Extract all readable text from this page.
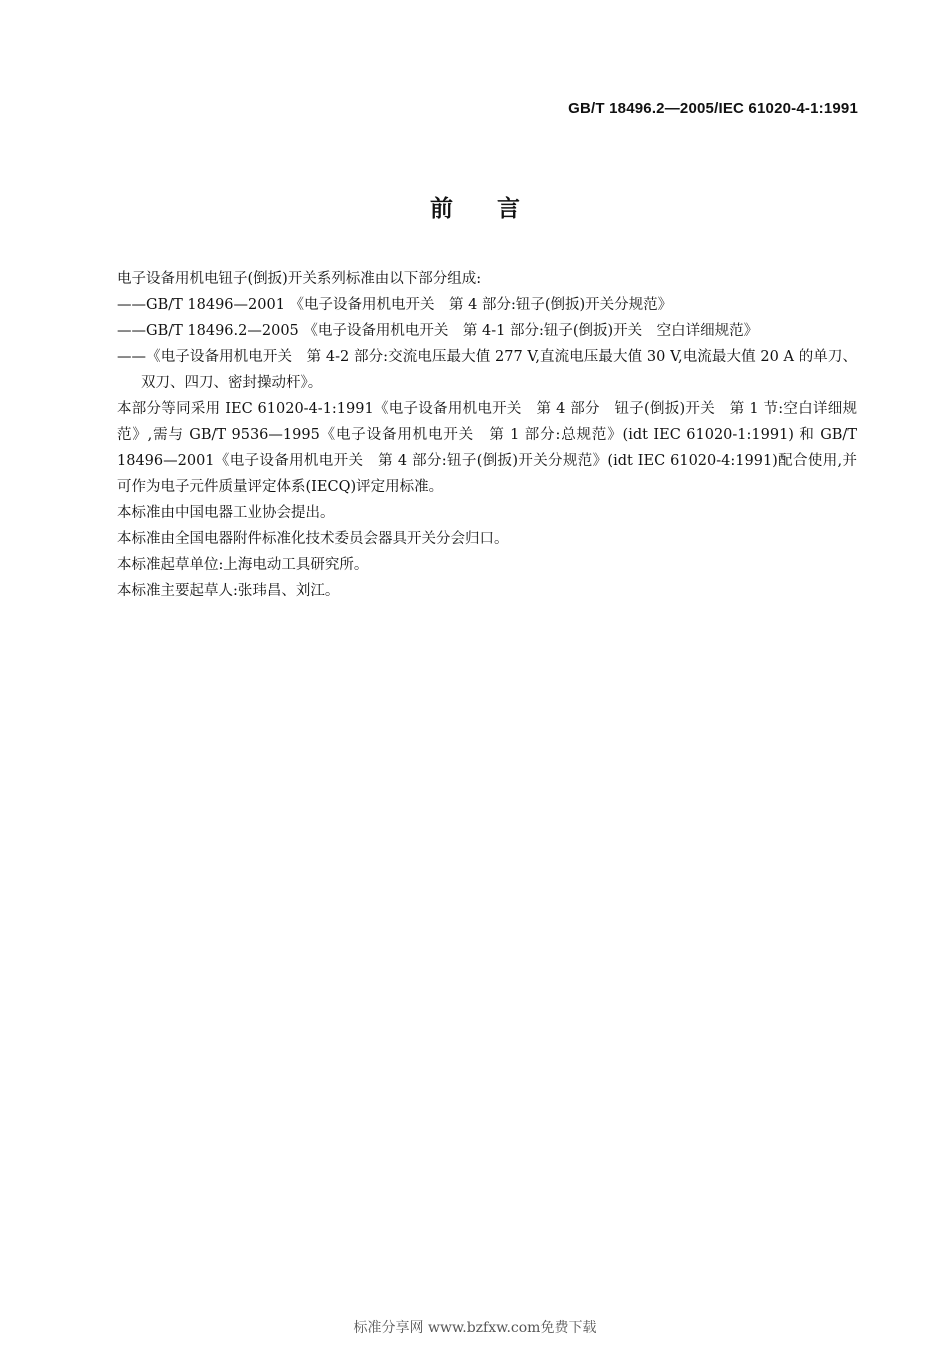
GB/T 18496.2—2005/IEC 61020-4-1:1991
前言

电子设备用机电钮子(倒扳)开关系列标准由以下部分组成:

——GB/T 18496—2001 《电子设备用机电开关　第 4 部分:钮子(倒扳)开关分规范》

——GB/T 18496.2—2005 《电子设备用机电开关　第 4-1 部分:钮子(倒扳)开关　空白详细规范》

——《电子设备用机电开关　第 4-2 部分:交流电压最大值 277 V,直流电压最大值 30 V,电流最大值 20 A 的单刀、双刀、四刀、密封操动杆》。

本部分等同采用 IEC 61020-4-1:1991《电子设备用机电开关　第 4 部分　钮子(倒扳)开关　第 1 节:空白详细规范》,需与 GB/T 9536—1995《电子设备用机电开关　第 1 部分:总规范》(idt IEC 61020-1:1991) 和 GB/T 18496—2001《电子设备用机电开关　第 4 部分:钮子(倒扳)开关分规范》(idt IEC 61020-4:1991)配合使用,并可作为电子元件质量评定体系(IECQ)评定用标准。

本标准由中国电器工业协会提出。

本标准由全国电器附件标准化技术委员会器具开关分会归口。

本标准起草单位:上海电动工具研究所。

本标准主要起草人:张玮昌、刘江。

标准分享网 www.bzfxw.com免费下载
